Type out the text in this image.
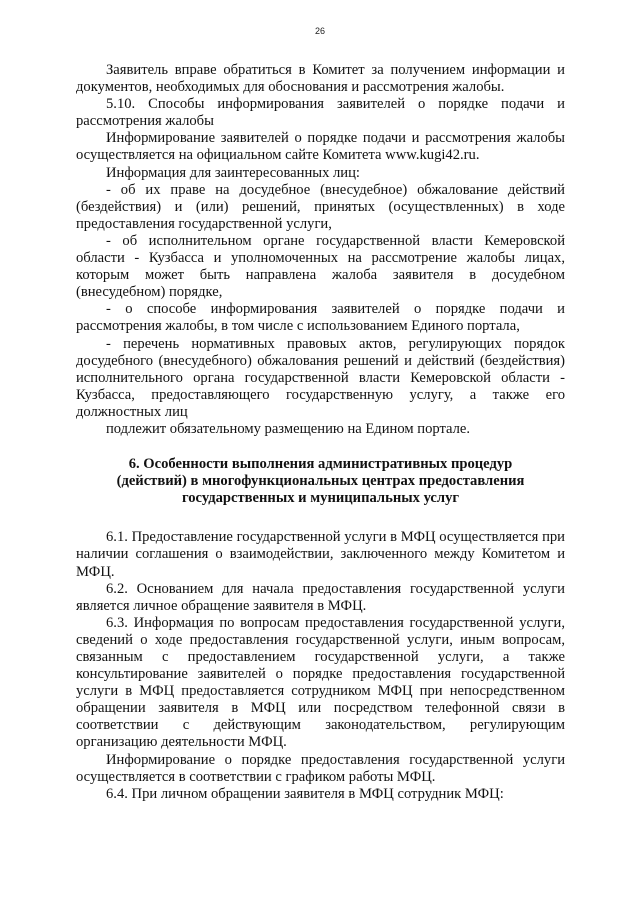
26

Заявитель вправе обратиться в Комитет за получением информации и документов, необходимых для обоснования и рассмотрения жалобы.

5.10. Способы информирования заявителей о порядке подачи и рассмотрения жалобы

Информирование заявителей о порядке подачи и рассмотрения жалобы осуществляется на официальном сайте Комитета www.kugi42.ru.

Информация для заинтересованных лиц:

- об их праве на досудебное (внесудебное) обжалование действий (бездействия) и (или) решений, принятых (осуществленных) в ходе предоставления государственной услуги,

- об исполнительном органе государственной власти Кемеровской области - Кузбасса и уполномоченных на рассмотрение жалобы лицах, которым может быть направлена жалоба заявителя в досудебном (внесудебном) порядке,

- о способе информирования заявителей о порядке подачи и рассмотрения жалобы, в том числе с использованием Единого портала,

- перечень нормативных правовых актов, регулирующих порядок досудебного (внесудебного) обжалования решений и действий (бездействия) исполнительного органа государственной власти Кемеровской области - Кузбасса, предоставляющего государственную услугу, а также его должностных лиц

подлежит обязательному размещению на Едином портале.

6. Особенности выполнения административных процедур (действий) в многофункциональных центрах предоставления государственных и муниципальных услуг

6.1. Предоставление государственной услуги в МФЦ осуществляется при наличии соглашения о взаимодействии, заключенного между Комитетом и МФЦ.

6.2. Основанием для начала предоставления государственной услуги является личное обращение заявителя в МФЦ.

6.3. Информация по вопросам предоставления государственной услуги, сведений о ходе предоставления государственной услуги, иным вопросам, связанным с предоставлением государственной услуги, а также консультирование заявителей о порядке предоставления государственной услуги в МФЦ предоставляется сотрудником МФЦ при непосредственном обращении заявителя в МФЦ или посредством телефонной связи в соответствии с действующим законодательством, регулирующим организацию деятельности МФЦ.

Информирование о порядке предоставления государственной услуги осуществляется в соответствии с графиком работы МФЦ.

6.4. При личном обращении заявителя в МФЦ сотрудник МФЦ:
